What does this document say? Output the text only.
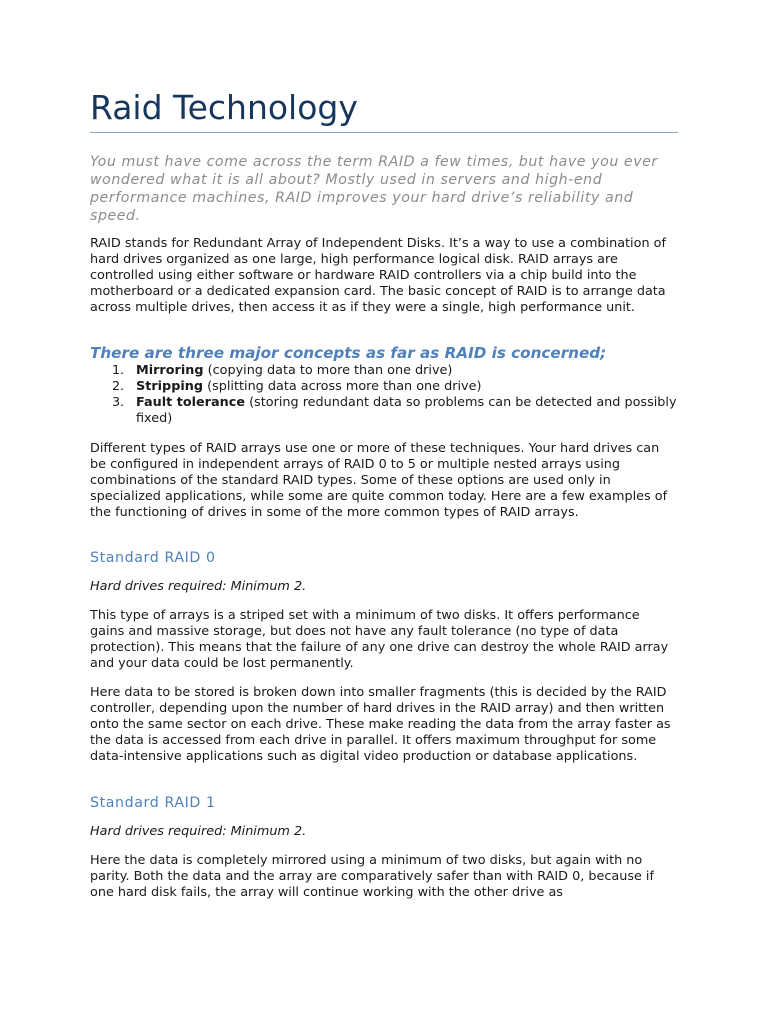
Raid Technology

You must have come across the term RAID a few times, but have you ever wondered what it is all about? Mostly used in servers and high-end performance machines, RAID improves your hard drive’s reliability and speed.

RAID stands for Redundant Array of Independent Disks. It’s a way to use a combination of hard drives organized as one large, high performance logical disk. RAID arrays are controlled using either software or hardware RAID controllers via a chip build into the motherboard or a dedicated expansion card. The basic concept of RAID is to arrange data across multiple drives, then access it as if they were a single, high performance unit.

There are three major concepts as far as RAID is concerned;
1. Mirroring (copying data to more than one drive)
2. Stripping (splitting data across more than one drive)
3. Fault tolerance (storing redundant data so problems can be detected and possibly fixed)

Different types of RAID arrays use one or more of these techniques. Your hard drives can be configured in independent arrays of RAID 0 to 5 or multiple nested arrays using combinations of the standard RAID types. Some of these options are used only in specialized applications, while some are quite common today. Here are a few examples of the functioning of drives in some of the more common types of RAID arrays.

Standard RAID 0

Hard drives required: Minimum 2.

This type of arrays is a striped set with a minimum of two disks. It offers performance gains and massive storage, but does not have any fault tolerance (no type of data protection). This means that the failure of any one drive can destroy the whole RAID array and your data could be lost permanently.

Here data to be stored is broken down into smaller fragments (this is decided by the RAID controller, depending upon the number of hard drives in the RAID array) and then written onto the same sector on each drive. These make reading the data from the array faster as the data is accessed from each drive in parallel. It offers maximum throughput for some data-intensive applications such as digital video production or database applications.

Standard RAID 1

Hard drives required: Minimum 2.

Here the data is completely mirrored using a minimum of two disks, but again with no parity. Both the data and the array are comparatively safer than with RAID 0, because if one hard disk fails, the array will continue working with the other drive as
